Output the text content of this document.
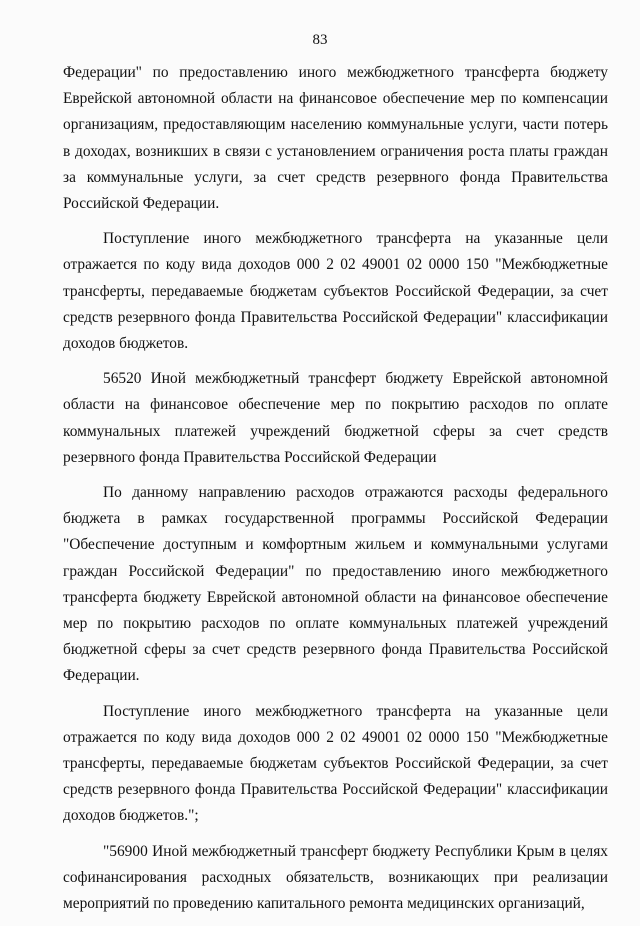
83

Федерации" по предоставлению иного межбюджетного трансферта бюджету Еврейской автономной области на финансовое обеспечение мер по компенсации организациям, предоставляющим населению коммунальные услуги, части потерь в доходах, возникших в связи с установлением ограничения роста платы граждан за коммунальные услуги, за счет средств резервного фонда Правительства Российской Федерации.

Поступление иного межбюджетного трансферта на указанные цели отражается по коду вида доходов 000 2 02 49001 02 0000 150 "Межбюджетные трансферты, передаваемые бюджетам субъектов Российской Федерации, за счет средств резервного фонда Правительства Российской Федерации" классификации доходов бюджетов.

56520 Иной межбюджетный трансферт бюджету Еврейской автономной области на финансовое обеспечение мер по покрытию расходов по оплате коммунальных платежей учреждений бюджетной сферы за счет средств резервного фонда Правительства Российской Федерации

По данному направлению расходов отражаются расходы федерального бюджета в рамках государственной программы Российской Федерации "Обеспечение доступным и комфортным жильем и коммунальными услугами граждан Российской Федерации" по предоставлению иного межбюджетного трансферта бюджету Еврейской автономной области на финансовое обеспечение мер по покрытию расходов по оплате коммунальных платежей учреждений бюджетной сферы за счет средств резервного фонда Правительства Российской Федерации.

Поступление иного межбюджетного трансферта на указанные цели отражается по коду вида доходов 000 2 02 49001 02 0000 150 "Межбюджетные трансферты, передаваемые бюджетам субъектов Российской Федерации, за счет средств резервного фонда Правительства Российской Федерации" классификации доходов бюджетов.";

"56900 Иной межбюджетный трансферт бюджету Республики Крым в целях софинансирования расходных обязательств, возникающих при реализации мероприятий по проведению капитального ремонта медицинских организаций,
